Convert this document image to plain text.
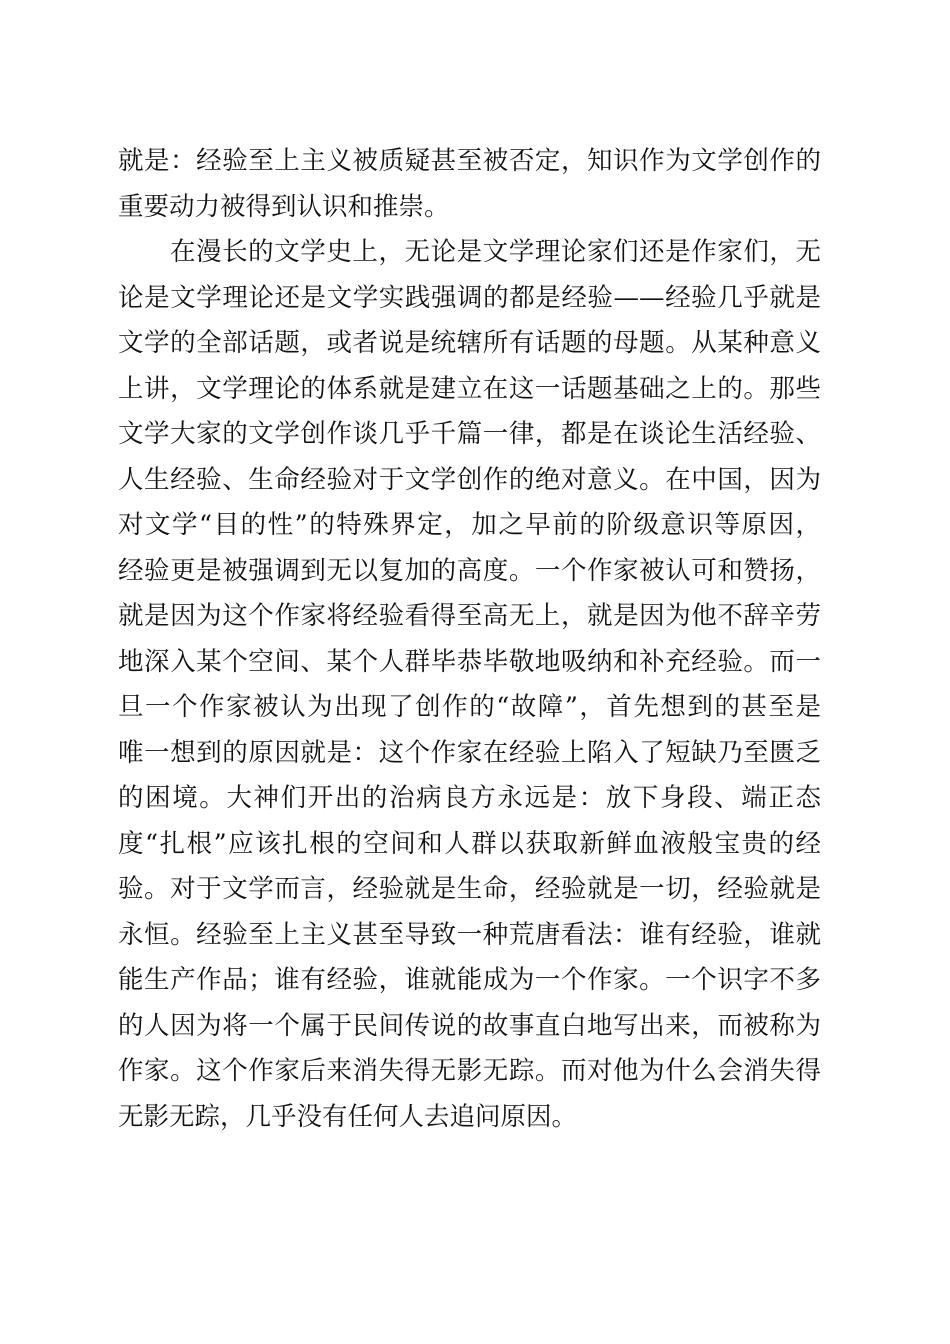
就是：经验至上主义被质疑甚至被否定，知识作为文学创作的
重要动力被得到认识和推崇。
在漫长的文学史上，无论是文学理论家们还是作家们，无
论是文学理论还是文学实践强调的都是经验——经验几乎就是
文学的全部话题，或者说是统辖所有话题的母题。从某种意义
上讲，文学理论的体系就是建立在这一话题基础之上的。那些
文学大家的文学创作谈几乎千篇一律，都是在谈论生活经验、
人生经验、生命经验对于文学创作的绝对意义。在中国，因为
对文学“目的性”的特殊界定，加之早前的阶级意识等原因，
经验更是被强调到无以复加的高度。一个作家被认可和赞扬，
就是因为这个作家将经验看得至高无上，就是因为他不辞辛劳
地深入某个空间、某个人群毕恭毕敬地吸纳和补充经验。而一
旦一个作家被认为出现了创作的“故障”，首先想到的甚至是
唯一想到的原因就是：这个作家在经验上陷入了短缺乃至匮乏
的困境。大神们开出的治病良方永远是：放下身段、端正态
度“扎根”应该扎根的空间和人群以获取新鲜血液般宝贵的经
验。对于文学而言，经验就是生命，经验就是一切，经验就是
永恒。经验至上主义甚至导致一种荒唐看法：谁有经验，谁就
能生产作品；谁有经验，谁就能成为一个作家。一个识字不多
的人因为将一个属于民间传说的故事直白地写出来，而被称为
作家。这个作家后来消失得无影无踪。而对他为什么会消失得
无影无踪，几乎没有任何人去追问原因。
